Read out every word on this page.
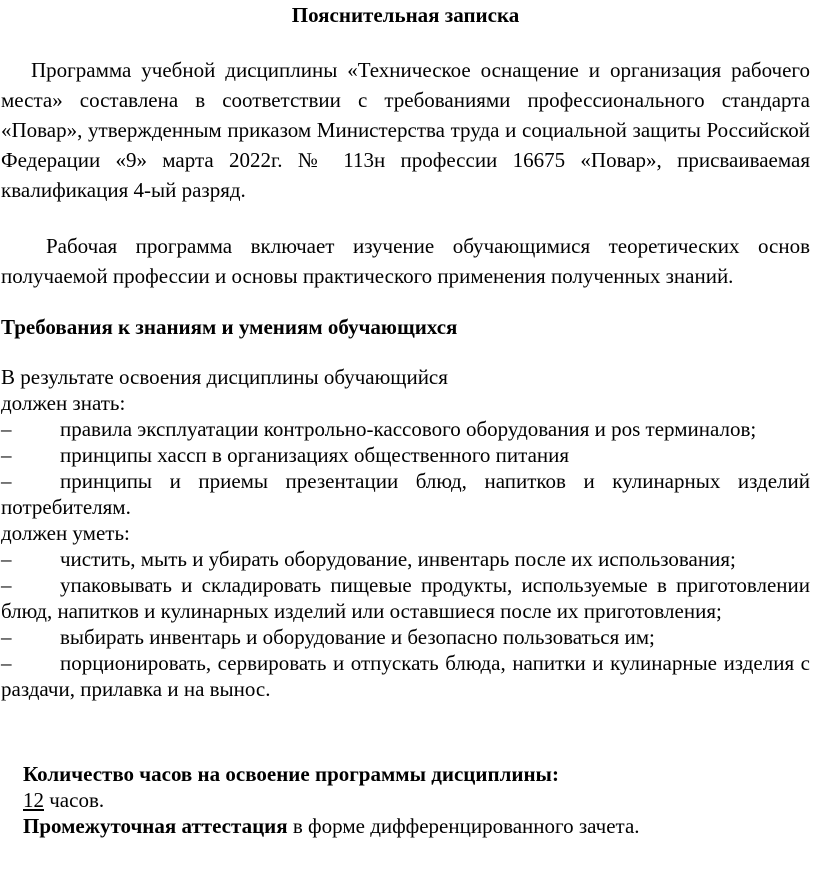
Пояснительная записка

Программа учебной дисциплины «Техническое оснащение и организация рабочего места» составлена в соответствии с требованиями профессионального стандарта «Повар», утвержденным приказом Министерства труда и социальной защиты Российской Федерации «9» марта 2022г. № 113н профессии 16675 «Повар», присваиваемая квалификация 4-ый разряд.

Рабочая программа включает изучение обучающимися теоретических основ получаемой профессии и основы практического применения полученных знаний.

Требования к знаниям и умениям обучающихся

В результате освоения дисциплины обучающийся

должен знать:

– правила эксплуатации контрольно-кассового оборудования и pos терминалов;

– принципы хассп в организациях общественного питания

– принципы и приемы презентации блюд, напитков и кулинарных изделий потребителям.

должен уметь:

– чистить, мыть и убирать оборудование, инвентарь после их использования;

– упаковывать и складировать пищевые продукты, используемые в приготовлении блюд, напитков и кулинарных изделий или оставшиеся после их приготовления;

– выбирать инвентарь и оборудование и безопасно пользоваться им;

– порционировать, сервировать и отпускать блюда, напитки и кулинарные изделия с раздачи, прилавка и на вынос.

Количество часов на освоение программы дисциплины:

12 часов.

Промежуточная аттестация в форме дифференцированного зачета.
